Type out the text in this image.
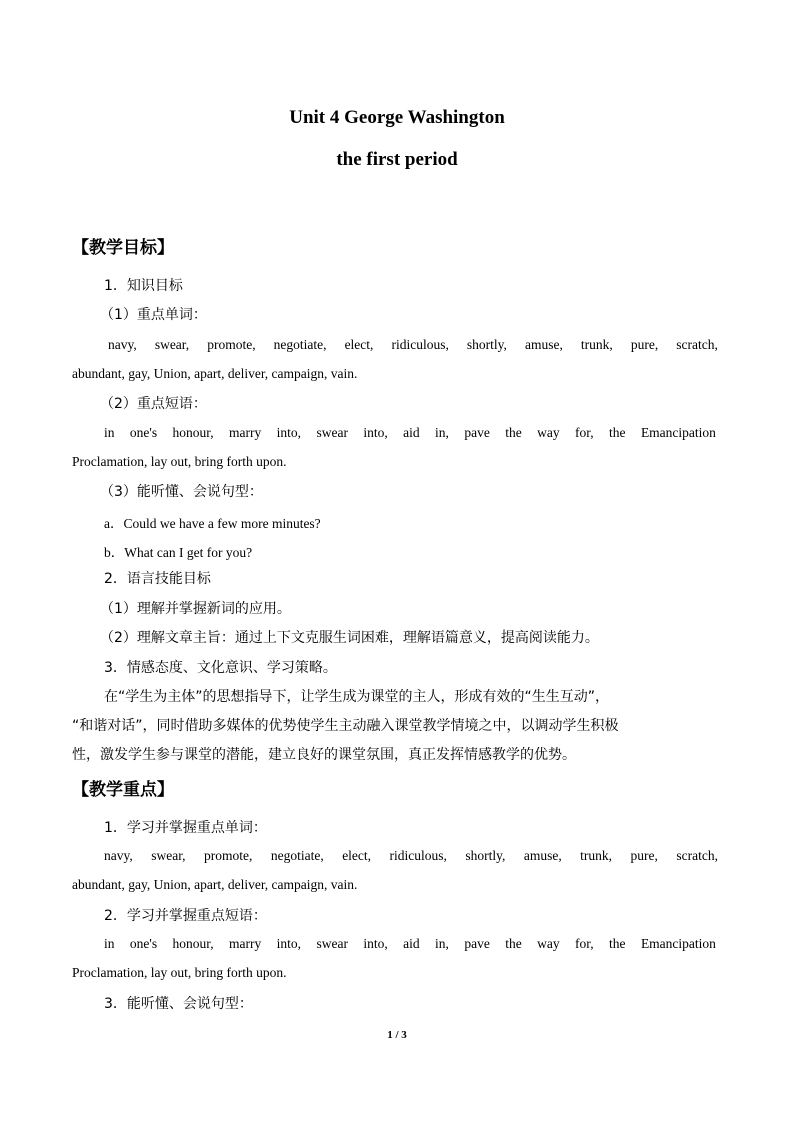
Unit 4 George Washington
the first period
【教学目标】
1．知识目标
（1）重点单词：
navy, swear, promote, negotiate, elect, ridiculous, shortly, amuse, trunk, pure, scratch,
abundant, gay, Union, apart, deliver, campaign, vain.
（2）重点短语：
in one's honour, marry into, swear into, aid in, pave the way for, the Emancipation
Proclamation, lay out, bring forth upon.
（3）能听懂、会说句型：
a．Could we have a few more minutes?
b．What can I get for you?
2．语言技能目标
（1）理解并掌握新词的应用。
（2）理解文章主旨：通过上下文克服生词困难，理解语篇意义，提高阅读能力。
3．情感态度、文化意识、学习策略。
在“学生为主体”的思想指导下，让学生成为课堂的主人，形成有效的“生生互动”，
“和谐对话”，同时借助多媒体的优势使学生主动融入课堂教学情境之中，以调动学生积极
性，激发学生参与课堂的潜能，建立良好的课堂氛围，真正发挥情感教学的优势。
【教学重点】
1．学习并掌握重点单词：
navy, swear, promote, negotiate, elect, ridiculous, shortly, amuse, trunk, pure, scratch,
abundant, gay, Union, apart, deliver, campaign, vain.
2．学习并掌握重点短语：
in one's honour, marry into, swear into, aid in, pave the way for, the Emancipation
Proclamation, lay out, bring forth upon.
3．能听懂、会说句型：
1 / 3
